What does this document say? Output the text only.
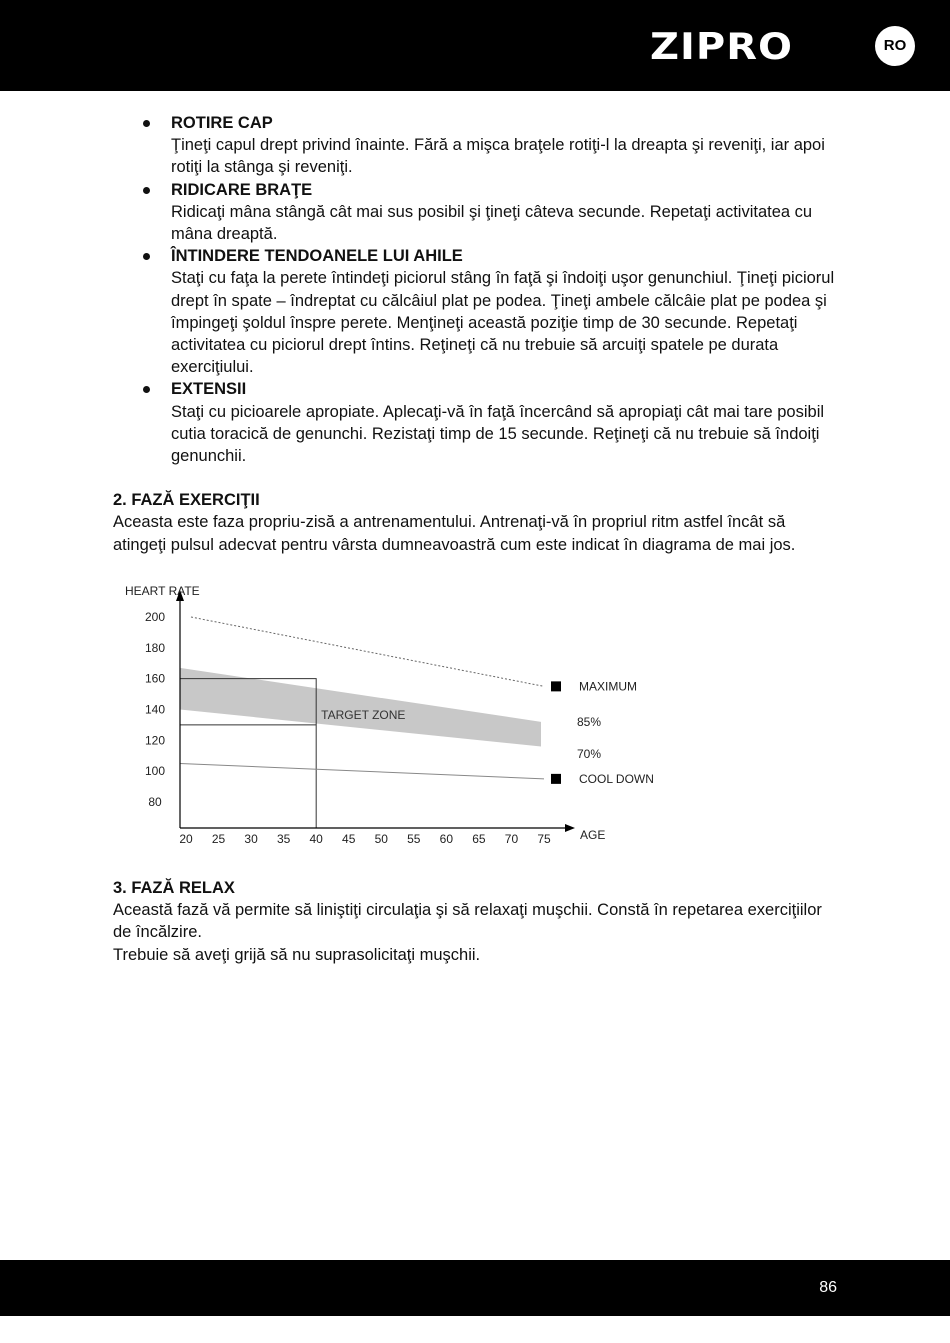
ZIPRO	RO
ROTIRE CAP
Ţineţi capul drept privind înainte. Fără a mişca braţele rotiţi-l la dreapta şi reveniţi, iar apoi rotiţi la stânga şi reveniţi.
RIDICARE BRAŢE
Ridicaţi mâna stângă cât mai sus posibil şi ţineţi câteva secunde. Repetaţi activitatea cu mâna dreaptă.
ÎNTINDERE TENDOANELE LUI AHILE
Staţi cu faţa la perete întindeţi piciorul stâng în faţă şi îndoiţi uşor genunchiul. Ţineţi piciorul drept în spate – îndreptat cu călcâiul plat pe podea. Ţineţi ambele călcâie plat pe podea şi împingeţi şoldul înspre perete. Menţineţi această poziţie timp de 30 secunde. Repetaţi activitatea cu piciorul drept întins. Reţineţi că nu trebuie să arcuiţi spatele pe durata exerciţiului.
EXTENSII
Staţi cu picioarele apropiate. Aplecaţi-vă în faţă încercând să apropiaţi cât mai tare posibil cutia toracică de genunchi. Rezistaţi timp de 15 secunde. Reţineţi că nu trebuie să îndoiţi genunchii.
2. FAZĂ EXERCIŢII
Aceasta este faza propriu-zisă a antrenamentului. Antrenaţi-vă în propriul ritm astfel încât să atingeţi pulsul adecvat pentru vârsta dumneavoastră cum este indicat în diagrama de mai jos.
80
100
120
140
160
180
200
20 25 30 35 40 45 50 55 60 65 70 75
HEART RATE
AGE
MAXIMUM
COOL DOWN
85%
70%
TARGET ZONE
3. FAZĂ RELAX
Această fază vă permite să liniştiţi circulaţia şi să relaxaţi muşchii. Constă în repetarea exerciţiilor de încălzire.
Trebuie să aveţi grijă să nu suprasolicitaţi muşchii.
86
